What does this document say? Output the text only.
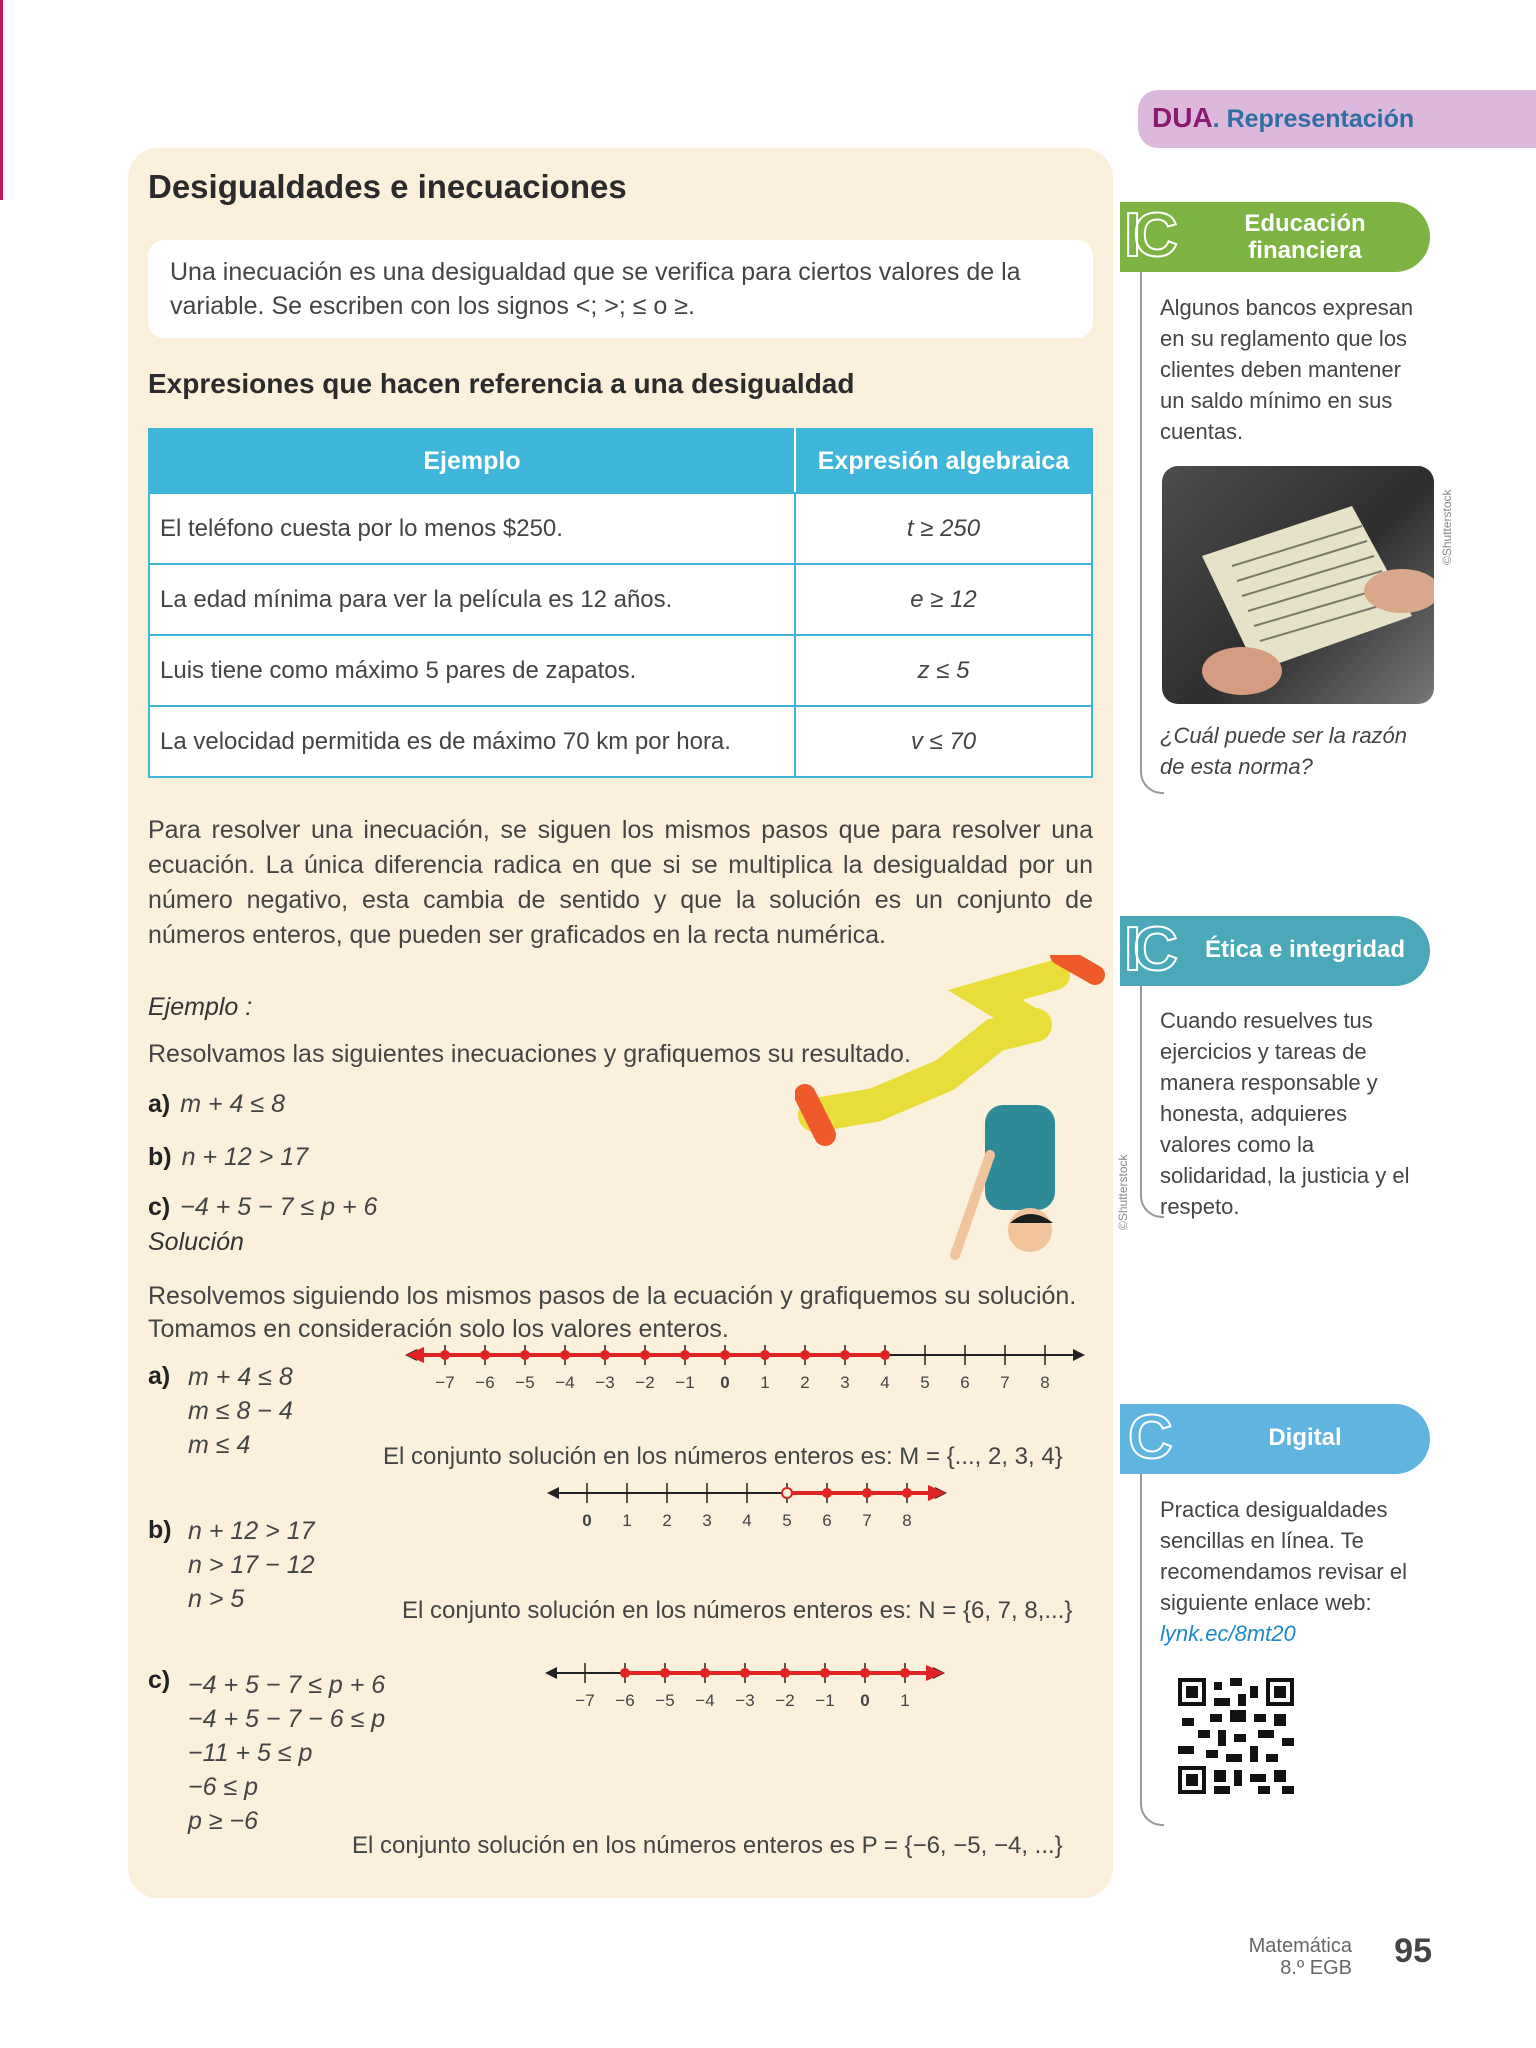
DUA. Representación
Desigualdades e inecuaciones
Una inecuación es una desigualdad que se verifica para ciertos valores de la variable. Se escriben con los signos <; >; ≤ o ≥.
Expresiones que hacen referencia a una desigualdad
Ejemplo	Expresión algebraica
El teléfono cuesta por lo menos $250.	t ≥ 250
La edad mínima para ver la película es 12 años.	e ≥ 12
Luis tiene como máximo 5 pares de zapatos.	z ≤ 5
La velocidad permitida es de máximo 70 km por hora.	v ≤ 70
Para resolver una inecuación, se siguen los mismos pasos que para resolver una ecuación. La única diferencia radica en que si se multiplica la desigualdad por un número negativo, esta cambia de sentido y que la solución es un conjunto de números enteros, que pueden ser graficados en la recta numérica.
Ejemplo :
Resolvamos las siguientes inecuaciones y grafiquemos su resultado.
a) m + 4 ≤ 8
b) n + 12 > 17
c) −4 + 5 − 7 ≤ p + 6
Solución
Resolvemos siguiendo los mismos pasos de la ecuación y grafiquemos su solución. Tomamos en consideración solo los valores enteros.
©Shutterstock
a) m + 4 ≤ 8
m ≤ 8 − 4
m ≤ 4
−7 −6 −5 −4 −3 −2 −1 0 1 2 3 4 5 6 7 8
El conjunto solución en los números enteros es: M = {..., 2, 3, 4}
0 1 2 3 4 5 6 7 8
b) n + 12 > 17
n > 17 − 12
n > 5	El conjunto solución en los números enteros es: N = {6, 7, 8,...}
c) −4 + 5 − 7 ≤ p + 6
−4 + 5 − 7 − 6 ≤ p
−11 + 5 ≤ p
−6 ≤ p
p ≥ −6
−7 −6 −5 −4 −3 −2 −1 0 1
El conjunto solución en los números enteros es P = {−6, −5, −4, ...}
IC	Educación
financiera
Algunos bancos expresan en su reglamento que los clientes deben mantener un saldo mínimo en sus cuentas.
©Shutterstock
¿Cuál puede ser la razón de esta norma?
IC	Ética e integridad
Cuando resuelves tus ejercicios y tareas de manera responsable y honesta, adquieres valores como la solidaridad, la justicia y el respeto.
C	Digital
Practica desigualdades sencillas en línea. Te recomendamos revisar el siguiente enlace web:
lynk.ec/8mt20
Matemática
8.º EGB 95
